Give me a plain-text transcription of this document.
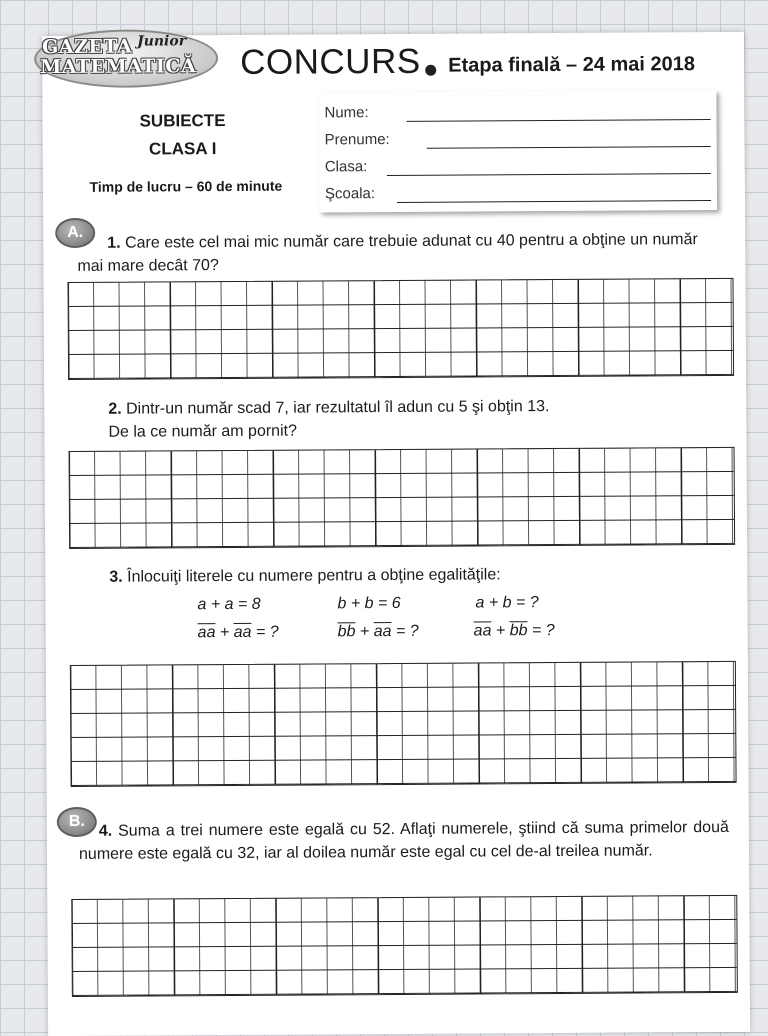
GAZETA Junior
MATEMATICĂ CONCURS Etapa finală – 24 mai 2018
SUBIECTE
CLASA I
Timp de lucru – 60 de minute
Nume:
Prenume:
Clasa:
Şcoala:
A.
1. Care este cel mai mic număr care trebuie adunat cu 40 pentru a obţine un număr mai mare decât 70?
2. Dintr-un număr scad 7, iar rezultatul îl adun cu 5 şi obţin 13.
De la ce număr am pornit?
3. Înlocuiţi literele cu numere pentru a obţine egalităţile:
a + a = 8	b + b = 6	a + b = ?
$\overline{aa} + \overline{aa}$ = ?	$\overline{bb} + \overline{aa}$ = ?	$\overline{aa} + \overline{bb}$ = ?
B.
4. Suma a trei numere este egală cu 52. Aflaţi numerele, ştiind că suma primelor două numere este egală cu 32, iar al doilea număr este egal cu cel de-al treilea număr.
